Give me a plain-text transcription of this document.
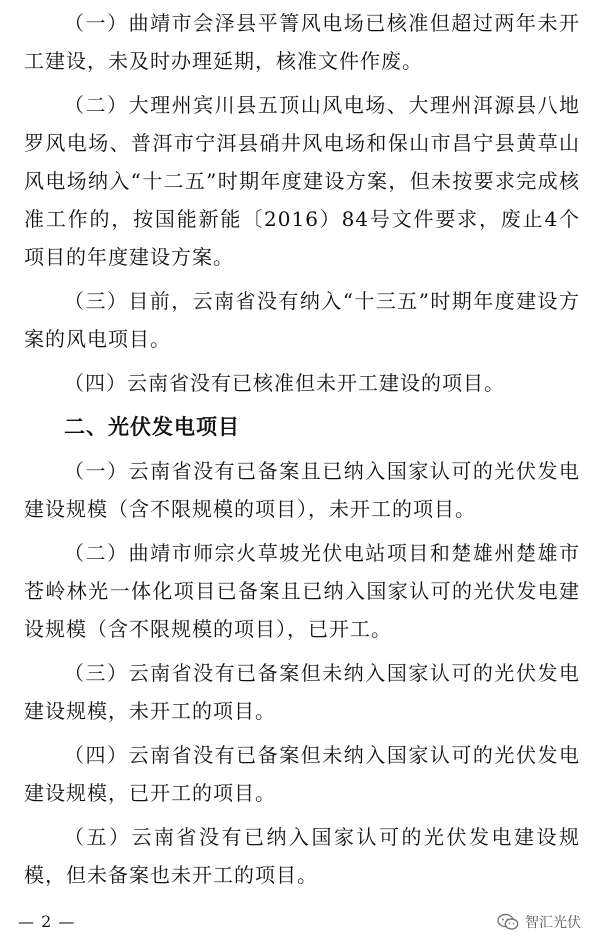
（一）曲靖市会泽县平箐风电场已核准但超过两年未开工建设，未及时办理延期，核准文件作废。

（二）大理州宾川县五顶山风电场、大理州洱源县八地罗风电场、普洱市宁洱县硝井风电场和保山市昌宁县黄草山风电场纳入“十二五”时期年度建设方案，但未按要求完成核准工作的，按国能新能〔2016）84号文件要求，废止4个项目的年度建设方案。

（三）目前，云南省没有纳入“十三五”时期年度建设方案的风电项目。

（四）云南省没有已核准但未开工建设的项目。

二、光伏发电项目

（一）云南省没有已备案且已纳入国家认可的光伏发电建设规模（含不限规模的项目），未开工的项目。

（二）曲靖市师宗火草坡光伏电站项目和楚雄州楚雄市苍岭林光一体化项目已备案且已纳入国家认可的光伏发电建设规模（含不限规模的项目），已开工。

（三）云南省没有已备案但未纳入国家认可的光伏发电建设规模，未开工的项目。

（四）云南省没有已备案但未纳入国家认可的光伏发电建设规模，已开工的项目。

（五）云南省没有已纳入国家认可的光伏发电建设规模，但未备案也未开工的项目。

— 2 —	智汇光伏
